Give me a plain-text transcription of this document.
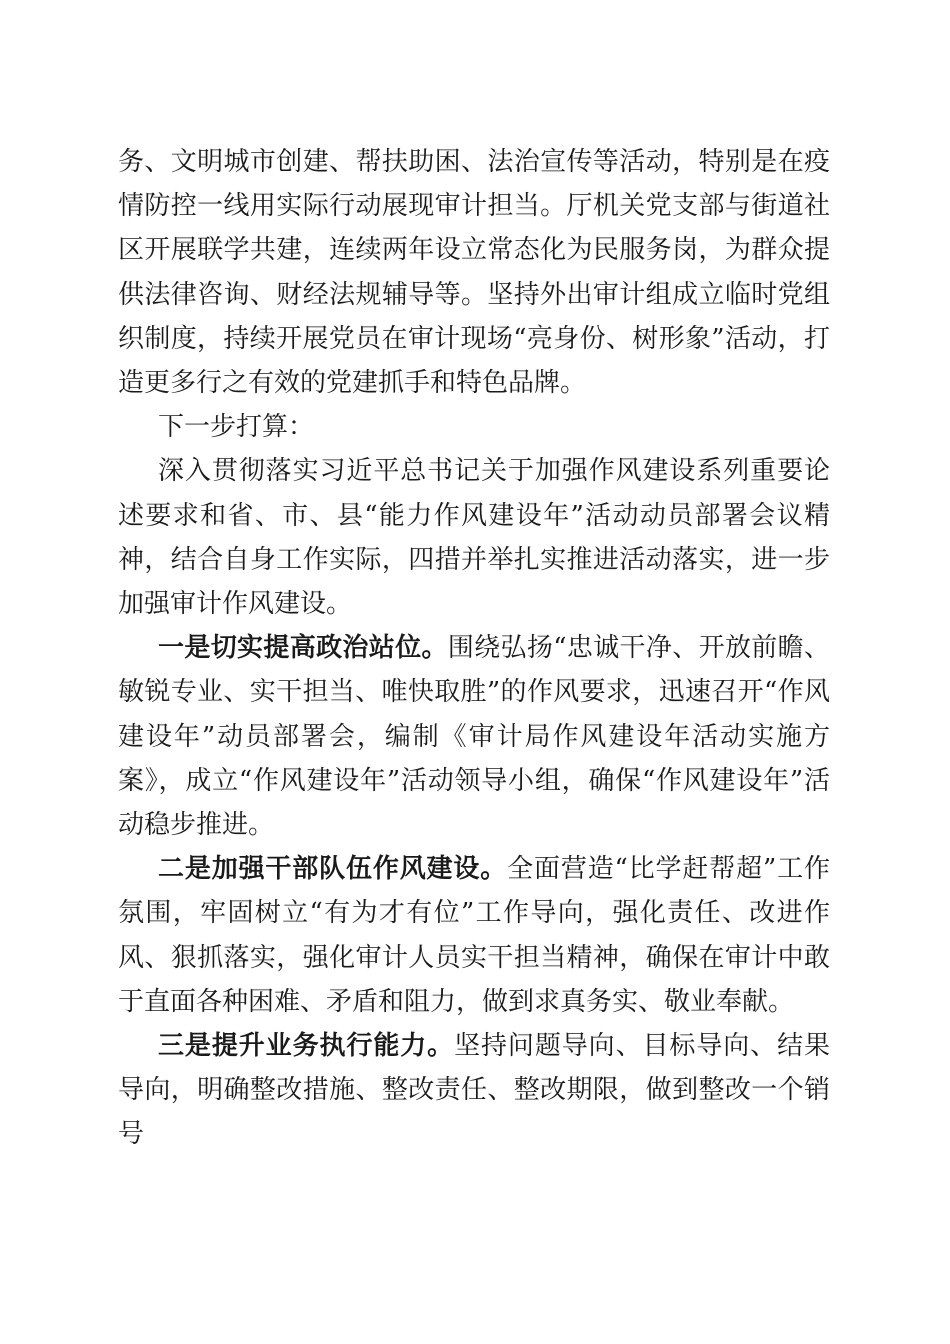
务、文明城市创建、帮扶助困、法治宣传等活动，特别是在疫情防控一线用实际行动展现审计担当。厅机关党支部与街道社区开展联学共建，连续两年设立常态化为民服务岗，为群众提供法律咨询、财经法规辅导等。坚持外出审计组成立临时党组织制度，持续开展党员在审计现场“亮身份、树形象”活动，打造更多行之有效的党建抓手和特色品牌。

下一步打算：

深入贯彻落实习近平总书记关于加强作风建设系列重要论述要求和省、市、县“能力作风建设年”活动动员部署会议精神，结合自身工作实际，四措并举扎实推进活动落实，进一步加强审计作风建设。

一是切实提高政治站位。围绕弘扬“忠诚干净、开放前瞻、敏锐专业、实干担当、唯快取胜”的作风要求，迅速召开“作风建设年”动员部署会，编制《审计局作风建设年活动实施方案》，成立“作风建设年”活动领导小组，确保“作风建设年”活动稳步推进。

二是加强干部队伍作风建设。全面营造“比学赶帮超”工作氛围，牢固树立“有为才有位”工作导向，强化责任、改进作风、狠抓落实，强化审计人员实干担当精神，确保在审计中敢于直面各种困难、矛盾和阻力，做到求真务实、敬业奉献。

三是提升业务执行能力。坚持问题导向、目标导向、结果导向，明确整改措施、整改责任、整改期限，做到整改一个销号
